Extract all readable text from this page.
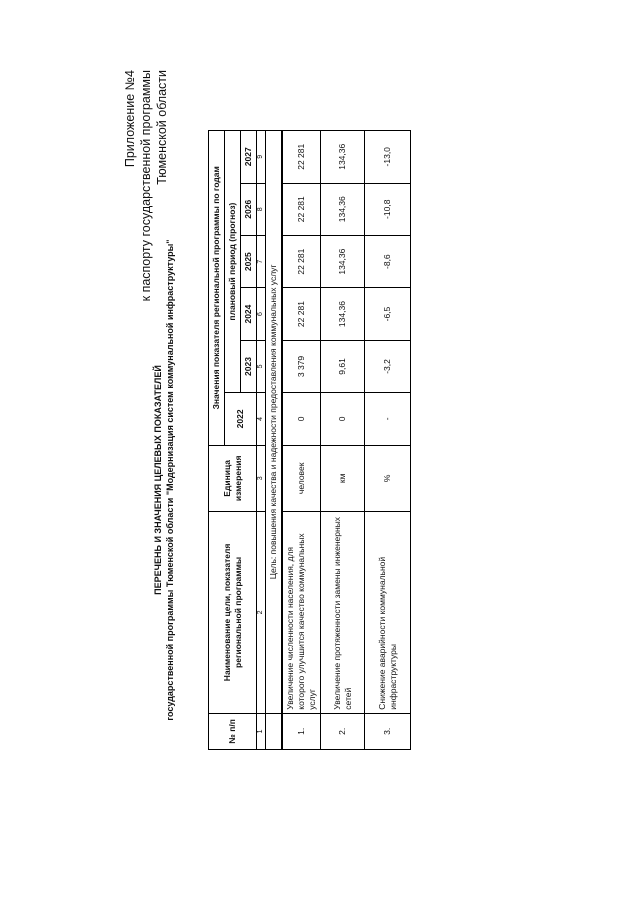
Приложение №4 к паспорту государственной программы Тюменской области
ПЕРЕЧЕНЬ И ЗНАЧЕНИЯ ЦЕЛЕВЫХ ПОКАЗАТЕЛЕЙ государственной программы Тюменской области "Модернизация систем коммунальной инфраструктуры"
№ п/п	Наименование цели, показателя региональной программы	Единица измерения	Значения показателя региональной программы по годам					
			2022	плановый период (прогноз)				
				2023	2024	2025	2026	2027
1	2	3	4	5	6	7	8	9
	Цель: повышения качества и надежности предоставления коммунальных услуг							
1.	Увеличение численности населения, для которого улучшится качество коммунальных услуг	человек	0	3 379	22 281	22 281	22 281	22 281
2.	Увеличение протяженности замены инженерных сетей	км	0	9,61	134,36	134,36	134,36	134,36
3.	Снижение аварийности коммунальной инфраструктуры	%	-	-3,2	-6,5	-8,6	-10,8	-13,0
